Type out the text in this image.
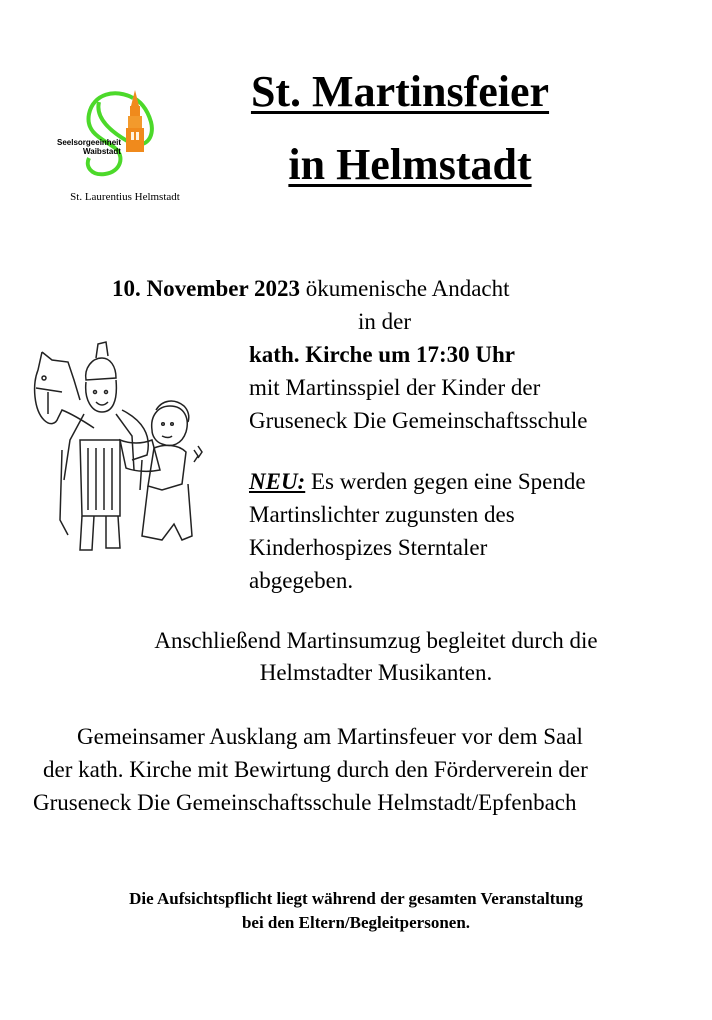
Seelsorgeeinheit
Waibstadt
St. Laurentius Helmstadt
St. Martinsfeier
in Helmstadt
10. November 2023 ökumenische Andacht
in der
kath. Kirche um 17:30 Uhr
mit Martinsspiel der Kinder der
Gruseneck Die Gemeinschaftsschule
NEU: Es werden gegen eine Spende
Martinslichter zugunsten des
Kinderhospizes Sterntaler
abgegeben.
Anschließend Martinsumzug begleitet durch die
Helmstadter Musikanten.
Gemeinsamer Ausklang am Martinsfeuer vor dem Saal
der kath. Kirche mit Bewirtung durch den Förderverein der
Gruseneck Die Gemeinschaftsschule Helmstadt/Epfenbach
Die Aufsichtspflicht liegt während der gesamten Veranstaltung
bei den Eltern/Begleitpersonen.
